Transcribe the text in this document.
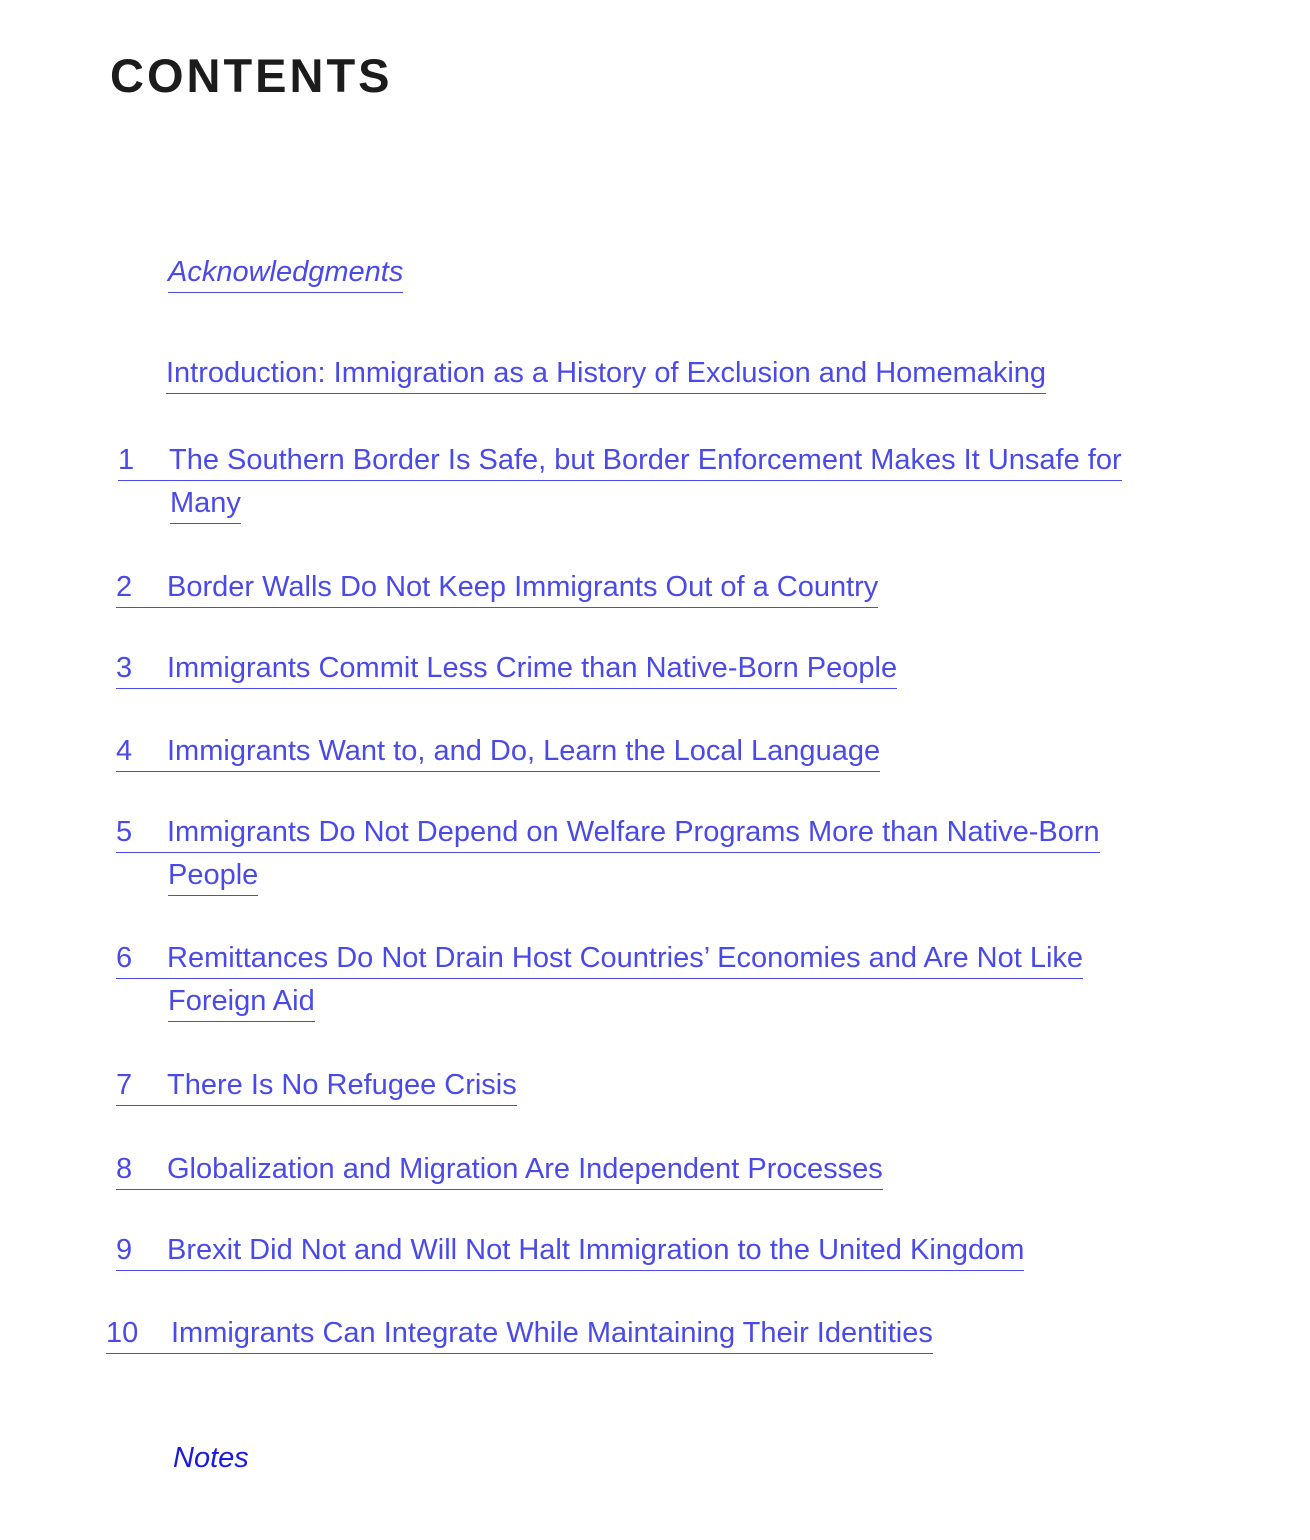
CONTENTS
Acknowledgments
Introduction: Immigration as a History of Exclusion and Homemaking
1 The Southern Border Is Safe, but Border Enforcement Makes It Unsafe for
Many
2 Border Walls Do Not Keep Immigrants Out of a Country
3 Immigrants Commit Less Crime than Native-Born People
4 Immigrants Want to, and Do, Learn the Local Language
5 Immigrants Do Not Depend on Welfare Programs More than Native-Born
People
6 Remittances Do Not Drain Host Countries’ Economies and Are Not Like
Foreign Aid
7 There Is No Refugee Crisis
8 Globalization and Migration Are Independent Processes
9 Brexit Did Not and Will Not Halt Immigration to the United Kingdom
10 Immigrants Can Integrate While Maintaining Their Identities
Notes
